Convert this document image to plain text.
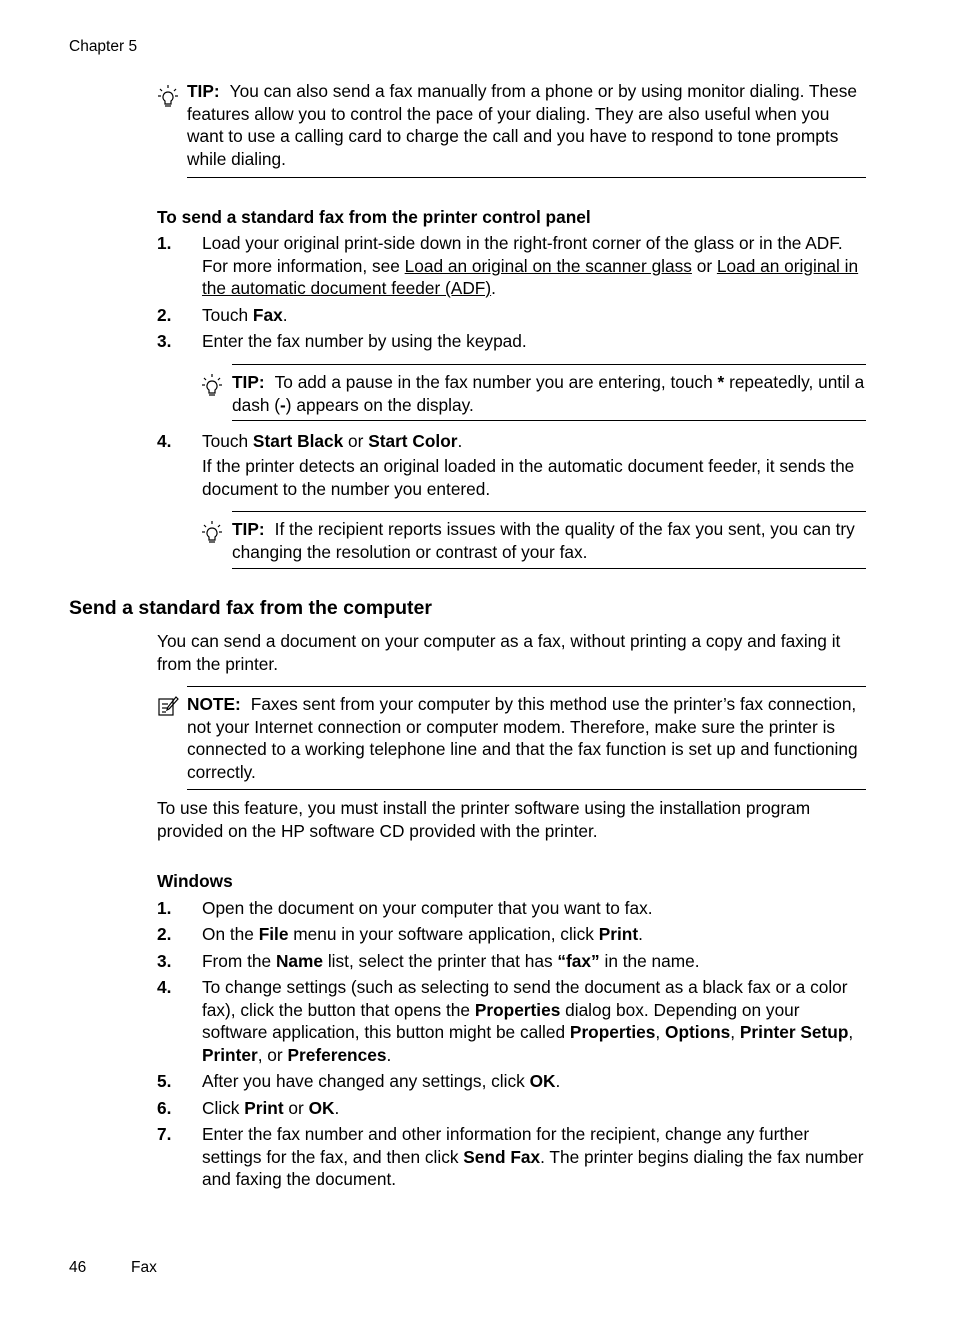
Chapter 5
TIP: You can also send a fax manually from a phone or by using monitor dialing. These features allow you to control the pace of your dialing. They are also useful when you want to use a calling card to charge the call and you have to respond to tone prompts while dialing.
To send a standard fax from the printer control panel
1. Load your original print-side down in the right-front corner of the glass or in the ADF. For more information, see Load an original on the scanner glass or Load an original in the automatic document feeder (ADF).
2. Touch Fax.
3. Enter the fax number by using the keypad.
TIP: To add a pause in the fax number you are entering, touch * repeatedly, until a dash (-) appears on the display.
4. Touch Start Black or Start Color.
If the printer detects an original loaded in the automatic document feeder, it sends the document to the number you entered.
TIP: If the recipient reports issues with the quality of the fax you sent, you can try changing the resolution or contrast of your fax.
Send a standard fax from the computer
You can send a document on your computer as a fax, without printing a copy and faxing it from the printer.
NOTE: Faxes sent from your computer by this method use the printer’s fax connection, not your Internet connection or computer modem. Therefore, make sure the printer is connected to a working telephone line and that the fax function is set up and functioning correctly.
To use this feature, you must install the printer software using the installation program provided on the HP software CD provided with the printer.
Windows
1. Open the document on your computer that you want to fax.
2. On the File menu in your software application, click Print.
3. From the Name list, select the printer that has “fax” in the name.
4. To change settings (such as selecting to send the document as a black fax or a color fax), click the button that opens the Properties dialog box. Depending on your software application, this button might be called Properties, Options, Printer Setup, Printer, or Preferences.
5. After you have changed any settings, click OK.
6. Click Print or OK.
7. Enter the fax number and other information for the recipient, change any further settings for the fax, and then click Send Fax. The printer begins dialing the fax number and faxing the document.
46	Fax
